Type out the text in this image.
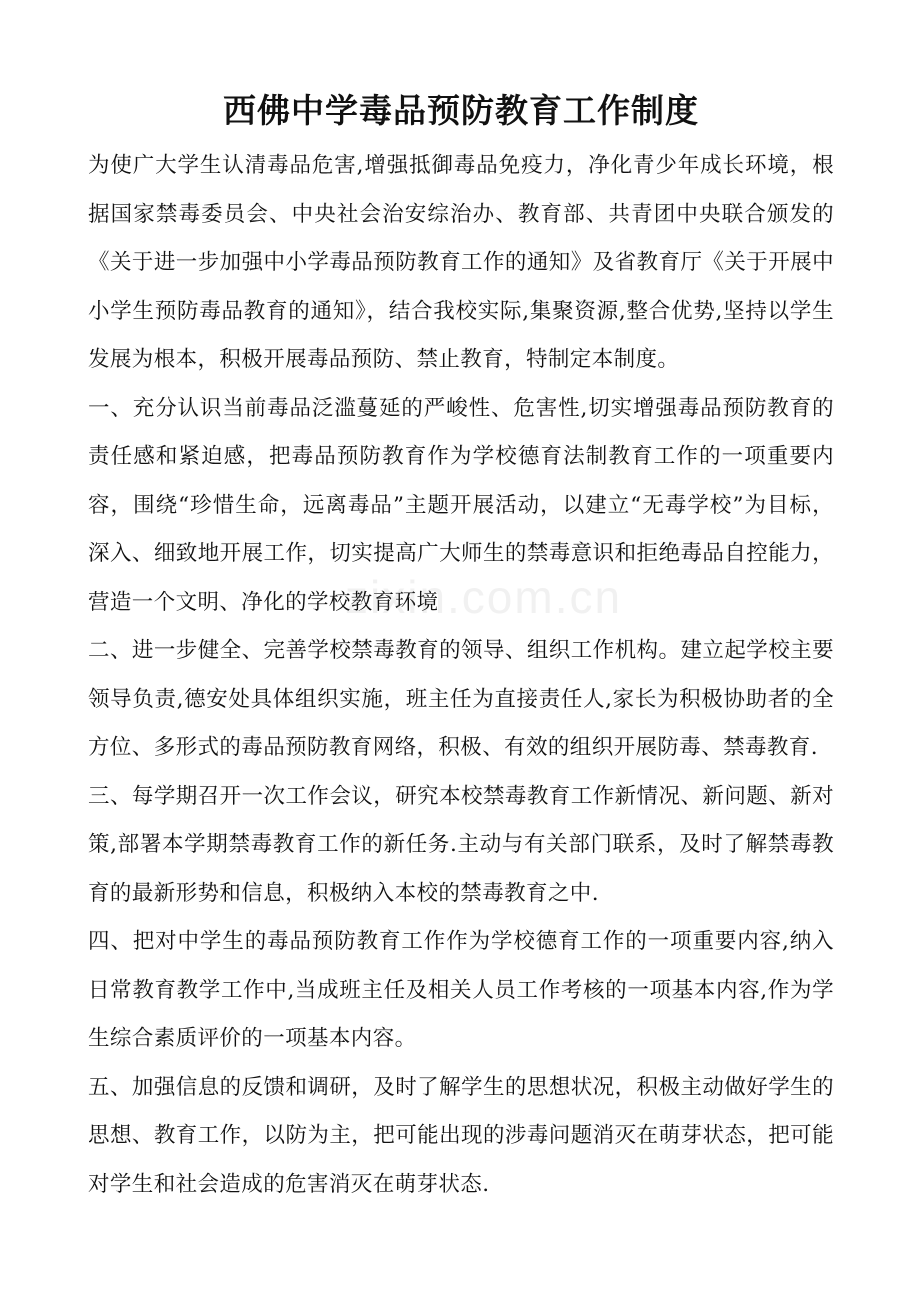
西佛中学毒品预防教育工作制度

为使广大学生认清毒品危害,增强抵御毒品免疫力，净化青少年成长环境，根据国家禁毒委员会、中央社会治安综治办、教育部、共青团中央联合颁发的《关于进一步加强中小学毒品预防教育工作的通知》及省教育厅《关于开展中小学生预防毒品教育的通知》，结合我校实际,集聚资源,整合优势,坚持以学生发展为根本，积极开展毒品预防、禁止教育，特制定本制度。

一、充分认识当前毒品泛滥蔓延的严峻性、危害性,切实增强毒品预防教育的责任感和紧迫感，把毒品预防教育作为学校德育法制教育工作的一项重要内容，围绕“珍惜生命，远离毒品”主题开展活动，以建立“无毒学校”为目标，深入、细致地开展工作，切实提高广大师生的禁毒意识和拒绝毒品自控能力，营造一个文明、净化的学校教育环境

二、进一步健全、完善学校禁毒教育的领导、组织工作机构。建立起学校主要领导负责,德安处具体组织实施，班主任为直接责任人,家长为积极协助者的全方位、多形式的毒品预防教育网络，积极、有效的组织开展防毒、禁毒教育.

三、每学期召开一次工作会议，研究本校禁毒教育工作新情况、新问题、新对策,部署本学期禁毒教育工作的新任务.主动与有关部门联系，及时了解禁毒教育的最新形势和信息，积极纳入本校的禁毒教育之中.

四、把对中学生的毒品预防教育工作作为学校德育工作的一项重要内容,纳入日常教育教学工作中,当成班主任及相关人员工作考核的一项基本内容,作为学生综合素质评价的一项基本内容。

五、加强信息的反馈和调研，及时了解学生的思想状况，积极主动做好学生的思想、教育工作，以防为主，把可能出现的涉毒问题消灭在萌芽状态，把可能对学生和社会造成的危害消灭在萌芽状态.

zixin.com.cn
